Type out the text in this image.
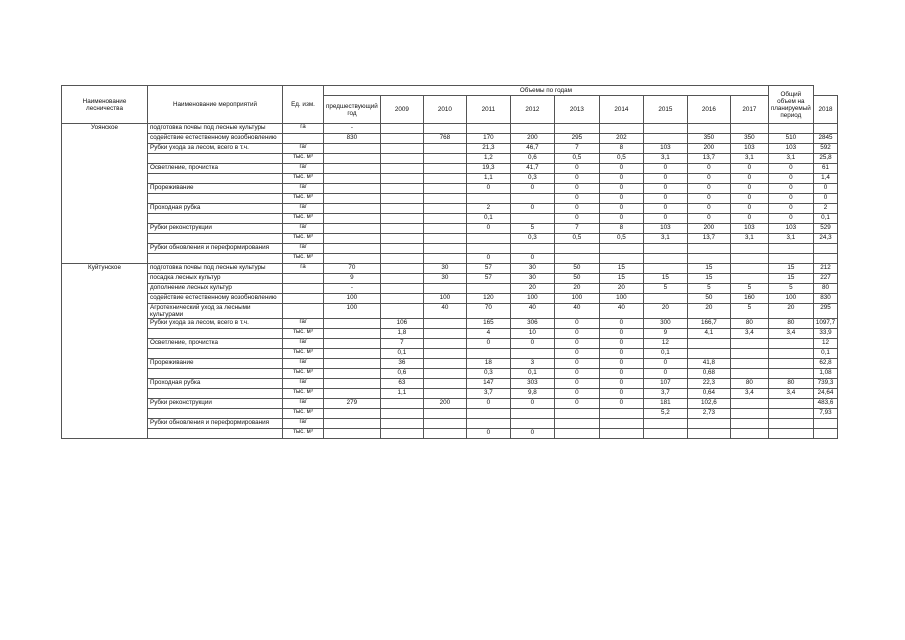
Наименование лесничества	Наименование мероприятий	Ед. изм.	Объемы по годам										Общий объем на планируемый период	
			предшествующий год	2009	2010	2011	2012	2013	2014	2015	2016	2017		2018
Уоянское	подготовка почвы под лесные культуры	га	-											
	содействие естественному возобновлению		830		768	170	200	295	202		350	350	510	2845
	Рубки ухода за лесом, всего в т.ч.	га/				21,3	46,7	7	8	103	200	103	103	592
		тыс. м³				1,2	0,6	0,5	0,5	3,1	13,7	3,1	3,1	25,8
	Осветление, прочистка	га/				19,3	41,7	0	0	0	0	0	0	61
		тыс. м³				1,1	0,3	0	0	0	0	0	0	1,4
	Прореживание	га/				0	0	0	0	0	0	0	0	0
		тыс. м³						0	0	0	0	0	0	0
	Проходная рубка	га/				2	0	0	0	0	0	0	0	2
		тыс. м³				0,1		0	0	0	0	0	0	0,1
	Рубки реконструкции	га/				0	5	7	8	103	200	103	103	529
		тыс. м³					0,3	0,5	0,5	3,1	13,7	3,1	3,1	24,3
	Рубки обновления и переформирования	га/												
		тыс. м³				0	0							
Куйтунское	подготовка почвы под лесные культуры	га	70		30	57	30	50	15		15		15	212
	посадка лесных культур		9		30	57	30	50	15	15	15		15	227
	дополнение лесных культур		-				20	20	20	5	5	5	5	80
	содействие естественному возобновлению		100		100	120	100	100	100		50	160	100	830
	Агротехнический уход за лесными культурами		100		40	70	40	40	40	20	20	5	20	295
	Рубки ухода за лесом, всего в т.ч.	га/		106		165	306	0	0	300	166,7	80	80	1097,7
		тыс. м³		1,8		4	10	0	0	9	4,1	3,4	3,4	33,9
	Осветление, прочистка	га/		7		0	0	0	0	12				12
		тыс. м³		0,1				0	0	0,1				0,1
	Прореживание	га/		36		18	3	0	0	0	41,8			62,8
		тыс. м³		0,6		0,3	0,1	0	0	0	0,68			1,08
	Проходная рубка	га/		63		147	303	0	0	107	22,3	80	80	739,3
		тыс. м³		1,1		3,7	9,8	0	0	3,7	0,64	3,4	3,4	24,64
	Рубки реконструкции	га/	279		200	0	0	0	0	181	102,6			483,6
		тыс. м³								5,2	2,73			7,93
	Рубки обновления и переформирования	га/												
		тыс. м³				0	0							
